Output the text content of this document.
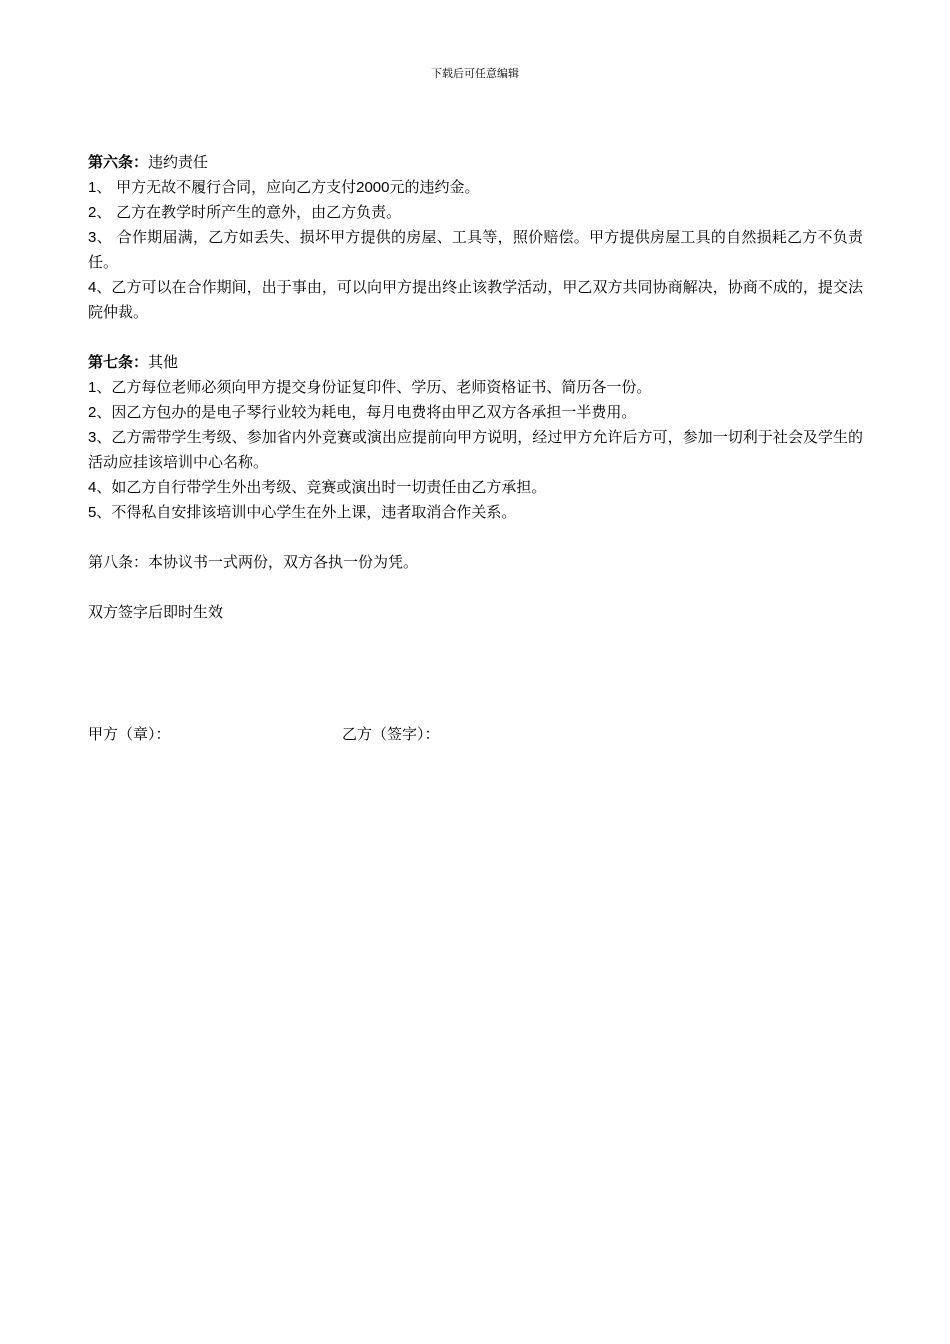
下载后可任意编辑

第六条：违约责任

1、 甲方无故不履行合同，应向乙方支付2000元的违约金。

2、 乙方在教学时所产生的意外，由乙方负责。

3、 合作期届满，乙方如丢失、损坏甲方提供的房屋、工具等，照价赔偿。甲方提供房屋工具的自然损耗乙方不负责任。

4、乙方可以在合作期间，出于事由，可以向甲方提出终止该教学活动，甲乙双方共同协商解决，协商不成的，提交法院仲裁。

第七条：其他

1、乙方每位老师必须向甲方提交身份证复印件、学历、老师资格证书、简历各一份。

2、因乙方包办的是电子琴行业较为耗电，每月电费将由甲乙双方各承担一半费用。

3、乙方需带学生考级、参加省内外竞赛或演出应提前向甲方说明，经过甲方允许后方可，参加一切利于社会及学生的活动应挂该培训中心名称。

4、如乙方自行带学生外出考级、竞赛或演出时一切责任由乙方承担。

5、不得私自安排该培训中心学生在外上课，违者取消合作关系。

第八条：本协议书一式两份，双方各执一份为凭。

双方签字后即时生效

甲方（章）：	乙方（签字）：
